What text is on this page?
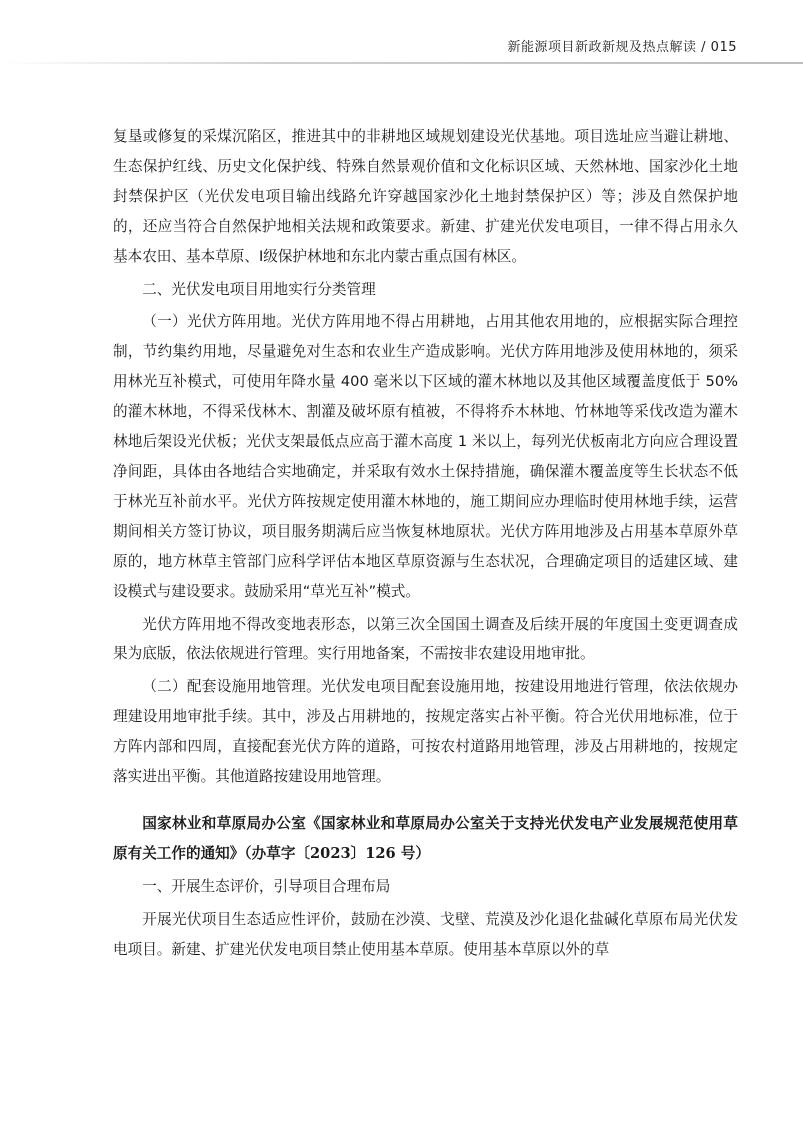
新能源项目新政新规及热点解读 / 015

复垦或修复的采煤沉陷区，推进其中的非耕地区域规划建设光伏基地。项目选址应当避让耕地、生态保护红线、历史文化保护线、特殊自然景观价值和文化标识区域、天然林地、国家沙化土地封禁保护区（光伏发电项目输出线路允许穿越国家沙化土地封禁保护区）等；涉及自然保护地的，还应当符合自然保护地相关法规和政策要求。新建、扩建光伏发电项目，一律不得占用永久基本农田、基本草原、Ⅰ级保护林地和东北内蒙古重点国有林区。

二、光伏发电项目用地实行分类管理

（一）光伏方阵用地。光伏方阵用地不得占用耕地，占用其他农用地的，应根据实际合理控制，节约集约用地，尽量避免对生态和农业生产造成影响。光伏方阵用地涉及使用林地的，须采用林光互补模式，可使用年降水量 400 毫米以下区域的灌木林地以及其他区域覆盖度低于 50% 的灌木林地，不得采伐林木、割灌及破坏原有植被，不得将乔木林地、竹林地等采伐改造为灌木林地后架设光伏板；光伏支架最低点应高于灌木高度 1 米以上，每列光伏板南北方向应合理设置净间距，具体由各地结合实地确定，并采取有效水土保持措施，确保灌木覆盖度等生长状态不低于林光互补前水平。光伏方阵按规定使用灌木林地的，施工期间应办理临时使用林地手续，运营期间相关方签订协议，项目服务期满后应当恢复林地原状。光伏方阵用地涉及占用基本草原外草原的，地方林草主管部门应科学评估本地区草原资源与生态状况，合理确定项目的适建区域、建设模式与建设要求。鼓励采用“草光互补”模式。

光伏方阵用地不得改变地表形态，以第三次全国国土调查及后续开展的年度国土变更调查成果为底版，依法依规进行管理。实行用地备案，不需按非农建设用地审批。

（二）配套设施用地管理。光伏发电项目配套设施用地，按建设用地进行管理，依法依规办理建设用地审批手续。其中，涉及占用耕地的，按规定落实占补平衡。符合光伏用地标准，位于方阵内部和四周，直接配套光伏方阵的道路，可按农村道路用地管理，涉及占用耕地的，按规定落实进出平衡。其他道路按建设用地管理。

国家林业和草原局办公室《国家林业和草原局办公室关于支持光伏发电产业发展规范使用草原有关工作的通知》（办草字〔2023〕126 号）

一、开展生态评价，引导项目合理布局

开展光伏项目生态适应性评价，鼓励在沙漠、戈壁、荒漠及沙化退化盐碱化草原布局光伏发电项目。新建、扩建光伏发电项目禁止使用基本草原。使用基本草原以外的草
